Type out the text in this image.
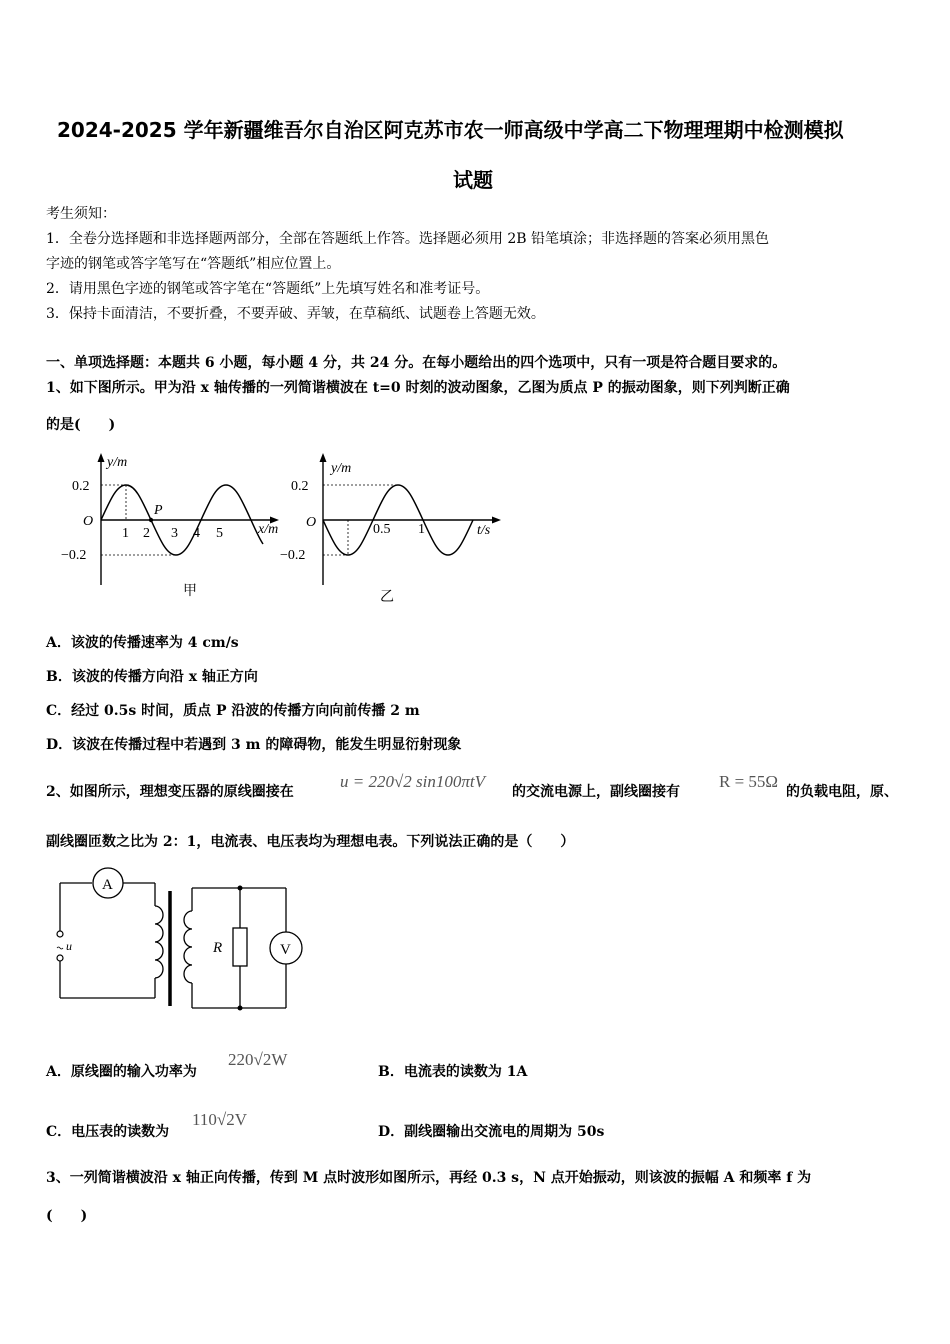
2024-2025 学年新疆维吾尔自治区阿克苏市农一师高级中学高二下物理理期中检测模拟
试题
考生须知：
1．全卷分选择题和非选择题两部分，全部在答题纸上作答。选择题必须用 2B 铅笔填涂；非选择题的答案必须用黑色
字迹的钢笔或答字笔写在“答题纸”相应位置上。
2．请用黑色字迹的钢笔或答字笔在“答题纸”上先填写姓名和准考证号。
3．保持卡面清洁，不要折叠，不要弄破、弄皱，在草稿纸、试题卷上答题无效。
一、单项选择题：本题共 6 小题，每小题 4 分，共 24 分。在每小题给出的四个选项中，只有一项是符合题目要求的。
1、如下图所示。甲为沿 x 轴传播的一列简谐横波在 t=0 时刻的波动图象，乙图为质点 P 的振动图象，则下列判断正确
的是(　　)
y/m
x/m
O
0.2
−0.2
1 2 3 4 5
P
甲
y/m
t/s
O
0.2
−0.2
0.5 1
乙
A．该波的传播速率为 4 cm/s
B．该波的传播方向沿 x 轴正方向
C．经过 0.5s 时间，质点 P 沿波的传播方向向前传播 2 m
D．该波在传播过程中若遇到 3 m 的障碍物，能发生明显衍射现象
2、如图所示，理想变压器的原线圈接在
u = 220√2 sin100πtV
的交流电源上，副线圈接有
R = 55Ω
的负载电阻，原、
副线圈匝数之比为 2：1，电流表、电压表均为理想电表。下列说法正确的是（　　）
A
u	R	V
A．原线圈的输入功率为
220√2W
B．电流表的读数为 1A
C．电压表的读数为
110√2V
D．副线圈输出交流电的周期为 50s
3、一列简谐横波沿 x 轴正向传播，传到 M 点时波形如图所示，再经 0.3 s，N 点开始振动，则该波的振幅 A 和频率 f 为
(　　)
